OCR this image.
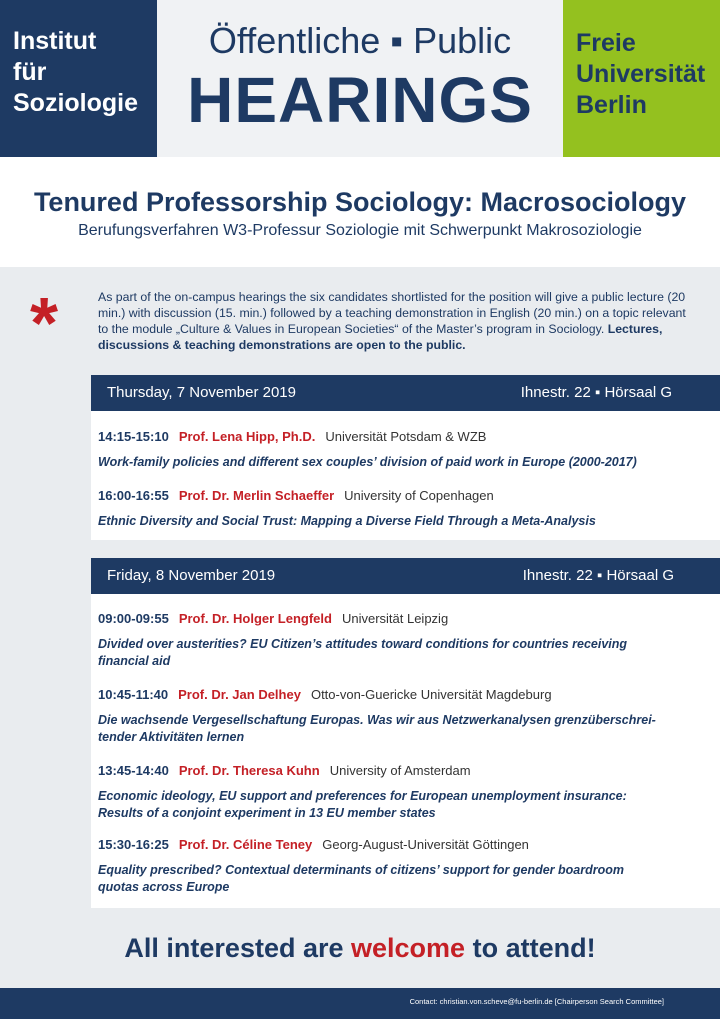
Institut
für
Soziologie
Öffentliche ▪ Public
HEARINGS
Freie
Universität
Berlin
Tenured Professorship Sociology: Macrosociology
Berufungsverfahren W3-Professur Soziologie mit Schwerpunkt Makrosoziologie
*	As part of the on-campus hearings the six candidates shortlisted for the position will give a public lecture (20 min.) with discussion (15. min.) followed by a teaching demonstration in English (20 min.) on a topic relevant to the module „Culture & Values in European Societies“ of the Master’s program in Sociology. Lectures, discussions & teaching demonstrations are open to the public.
Thursday, 7 November 2019	Ihnestr. 22 ▪ Hörsaal G
14:15-15:10 Prof. Lena Hipp, Ph.D. Universität Potsdam & WZB
Work-family policies and different sex couples’ division of paid work in Europe (2000-2017)
16:00-16:55 Prof. Dr. Merlin Schaeffer University of Copenhagen
Ethnic Diversity and Social Trust: Mapping a Diverse Field Through a Meta-Analysis
Friday, 8 November 2019	Ihnestr. 22 ▪ Hörsaal G
09:00-09:55 Prof. Dr. Holger Lengfeld Universität Leipzig
Divided over austerities? EU Citizen’s attitudes toward conditions for countries receiving
financial aid
10:45-11:40 Prof. Dr. Jan Delhey Otto-von-Guericke Universität Magdeburg
Die wachsende Vergesellschaftung Europas. Was wir aus Netzwerkanalysen grenzüberschrei-
tender Aktivitäten lernen
13:45-14:40 Prof. Dr. Theresa Kuhn University of Amsterdam
Economic ideology, EU support and preferences for European unemployment insurance:
Results of a conjoint experiment in 13 EU member states
15:30-16:25 Prof. Dr. Céline Teney Georg-August-Universität Göttingen
Equality prescribed? Contextual determinants of citizens’ support for gender boardroom
quotas across Europe
All interested are welcome to attend!
Contact: christian.von.scheve@fu-berlin.de [Chairperson Search Committee]
